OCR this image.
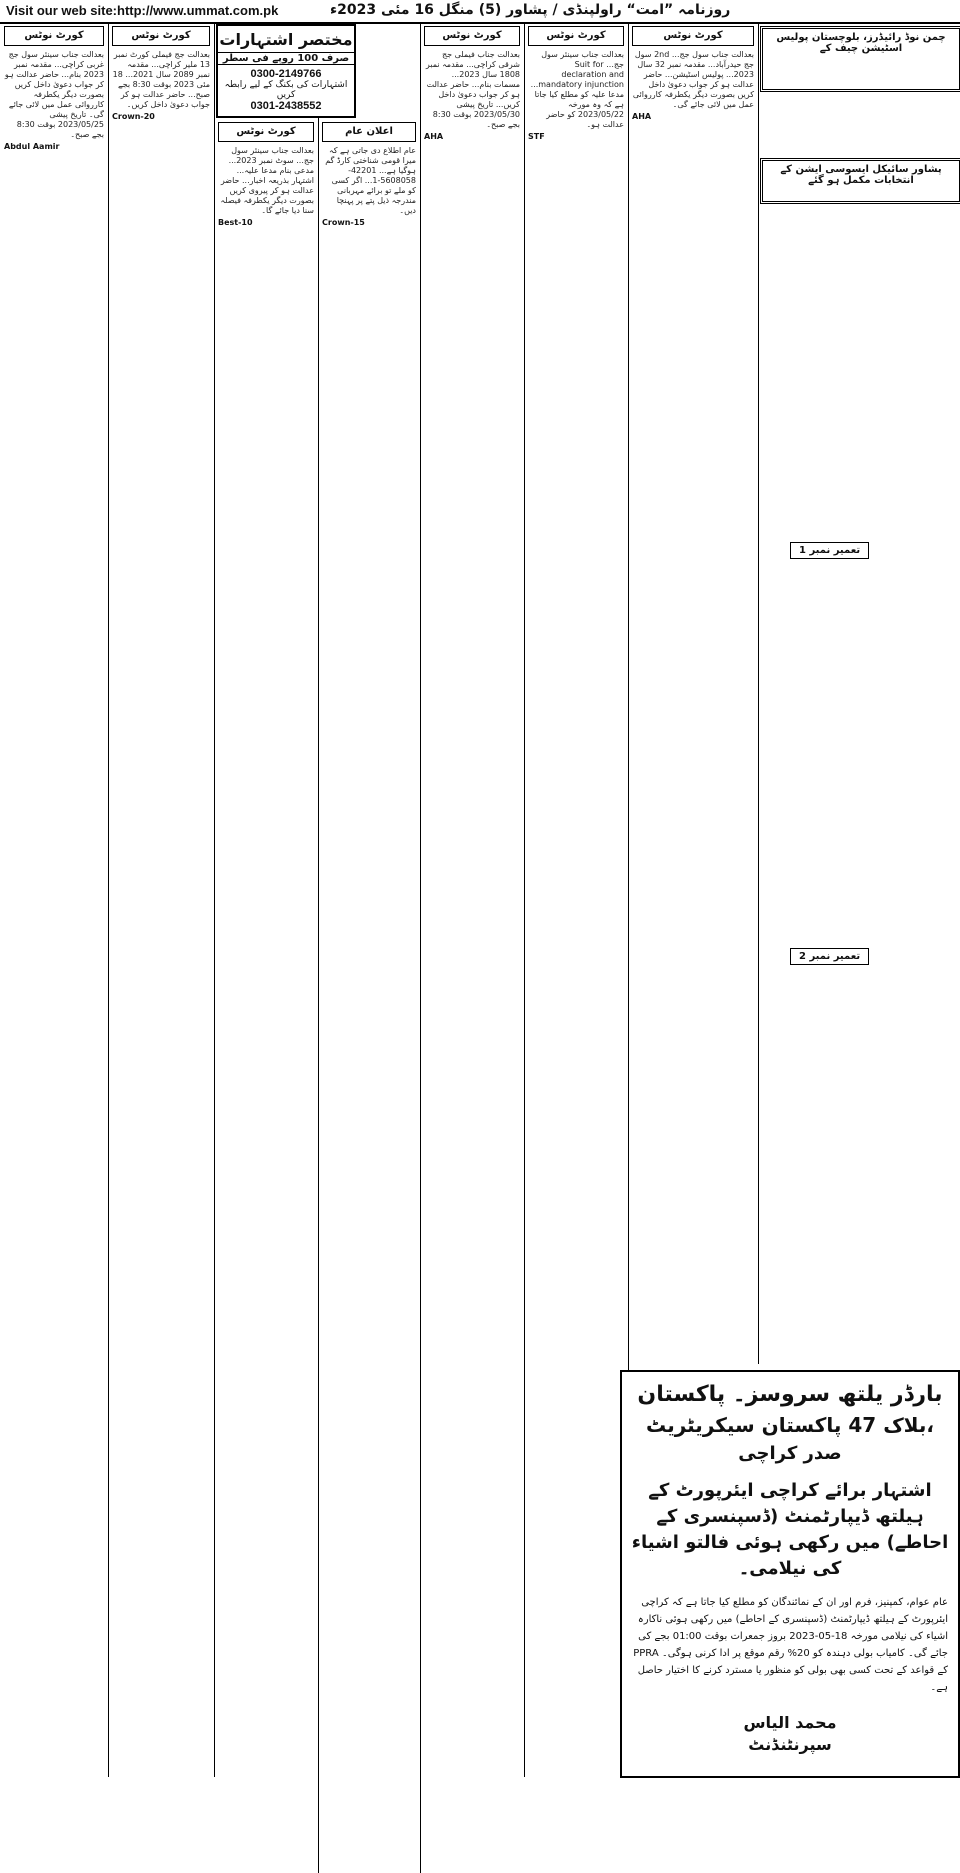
Visit our web site:http://www.ummat.com.pk	روزنامہ ”امت“ راولپنڈی / پشاور (5) منگل 16 مئی 2023ء
کورٹ نوٹس
بعدالت جناب سینئر سول جج غربی کراچی... مقدمہ نمبر 2023 بنام... حاضر عدالت ہو کر جواب دعویٰ داخل کریں بصورت دیگر یکطرفہ کارروائی عمل میں لائی جائے گی۔ تاریخ پیشی 2023/05/25 بوقت 8:30 بجے صبح۔
Abdul Aamir
کورٹ نوٹس
بعدالت جج فیملی کورٹ نمبر 13 ملیر کراچی... مقدمہ نمبر 2089 سال 2021... 18 مئی 2023 بوقت 8:30 بجے صبح... حاضر عدالت ہو کر جواب دعویٰ داخل کریں۔
Crown-20
کورٹ نوٹس
بعدالت جناب سینئر سول جج... سوٹ نمبر 2023... مدعی بنام مدعا علیہ... اشتہار بذریعہ اخبار... حاضر عدالت ہو کر پیروی کریں بصورت دیگر یکطرفہ فیصلہ سنا دیا جائے گا۔
Best-10
اعلان عام
عام اطلاع دی جاتی ہے کہ میرا قومی شناختی کارڈ گم ہوگیا ہے... 42201-5608058-1... اگر کسی کو ملے تو برائے مہربانی مندرجہ ذیل پتے پر پہنچا دیں۔
Crown-15
کورٹ نوٹس
بعدالت جناب فیملی جج شرقی کراچی... مقدمہ نمبر 1808 سال 2023... مسمات بنام... حاضر عدالت ہو کر جواب دعویٰ داخل کریں... تاریخ پیشی 2023/05/30 بوقت 8:30 بجے صبح۔
AHA
کورٹ نوٹس
بعدالت جناب سینئر سول جج... Suit for declaration and mandatory injunction... مدعا علیہ کو مطلع کیا جاتا ہے کہ وہ مورخہ 2023/05/22 کو حاضر عدالت ہو۔
STF
کورٹ نوٹس
بعدالت جناب سول جج... 2nd سول جج حیدرآباد... مقدمہ نمبر 32 سال 2023... پولیس اسٹیشن... حاضر عدالت ہو کر جواب دعویٰ داخل کریں بصورت دیگر یکطرفہ کارروائی عمل میں لائی جائے گی۔
AHA
مختصر اشتہارات
صرف 100 روپے فی سطر
0300-2149766
اشتہارات کی بکنگ کے لیے رابطہ کریں
0301-2438552
چمن نوڈ رائیڈرز، بلوچستان پولیس اسٹیشن چیف کے
پشاور سائیکل ایسوسی ایشن کے انتخابات مکمل ہو گئے
تعمیر نمبر 1
تعمیر نمبر 2
بارڈر یلتھ سروسز۔ پاکستان
بلاک 47 پاکستان سیکریٹریٹ،
صدر کراچی
اشتہار برائے کراچی ایئرپورٹ کے ہیلتھ ڈیپارٹمنٹ (ڈسپنسری کے احاطے) میں رکھی ہوئی فالتو اشیاء کی نیلامی۔
عام عوام، کمپنیز، فرم اور ان کے نمائندگان کو مطلع کیا جاتا ہے کہ کراچی ایئرپورٹ کے ہیلتھ ڈیپارٹمنٹ (ڈسپنسری کے احاطے) میں رکھی ہوئی ناکارہ اشیاء کی نیلامی مورخہ 18-05-2023 بروز جمعرات بوقت 01:00 بجے کی جائے گی۔ کامیاب بولی دہندہ کو 20% رقم موقع پر ادا کرنی ہوگی۔ PPRA کے قواعد کے تحت کسی بھی بولی کو منظور یا مسترد کرنے کا اختیار حاصل ہے۔
محمد الیاس
سپرنٹنڈنٹ
